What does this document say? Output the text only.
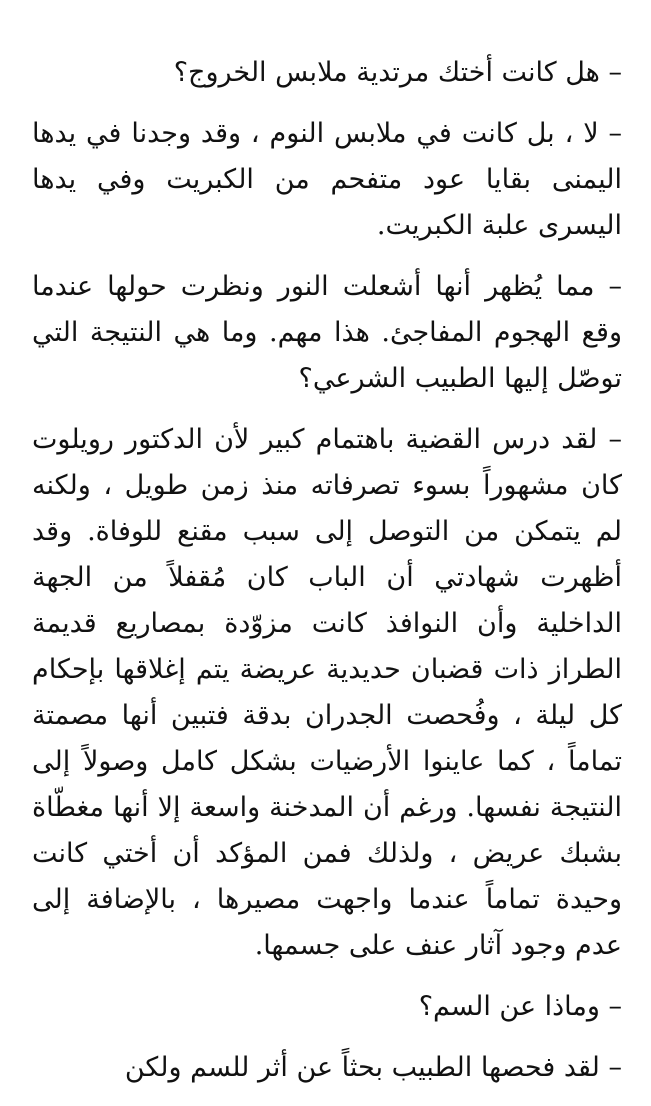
– هل كانت أختك مرتدية ملابس الخروج؟

– لا ، بل كانت في ملابس النوم ، وقد وجدنا في يدها اليمنى بقايا عود متفحم من الكبريت وفي يدها اليسرى علبة الكبريت.

– مما يُظهر أنها أشعلت النور ونظرت حولها عندما وقع الهجوم المفاجئ. هذا مهم. وما هي النتيجة التي توصّل إليها الطبيب الشرعي؟

– لقد درس القضية باهتمام كبير لأن الدكتور رويلوت كان مشهوراً بسوء تصرفاته منذ زمن طويل ، ولكنه لم يتمكن من التوصل إلى سبب مقنع للوفاة. وقد أظهرت شهادتي أن الباب كان مُقفلاً من الجهة الداخلية وأن النوافذ كانت مزوّدة بمصاريع قديمة الطراز ذات قضبان حديدية عريضة يتم إغلاقها بإحكام كل ليلة ، وفُحصت الجدران بدقة فتبين أنها مصمتة تماماً ، كما عاينوا الأرضيات بشكل كامل وصولاً إلى النتيجة نفسها. ورغم أن المدخنة واسعة إلا أنها مغطّاة بشبك عريض ، ولذلك فمن المؤكد أن أختي كانت وحيدة تماماً عندما واجهت مصيرها ، بالإضافة إلى عدم وجود آثار عنف على جسمها.

– وماذا عن السم؟

– لقد فحصها الطبيب بحثاً عن أثر للسم ولكن
